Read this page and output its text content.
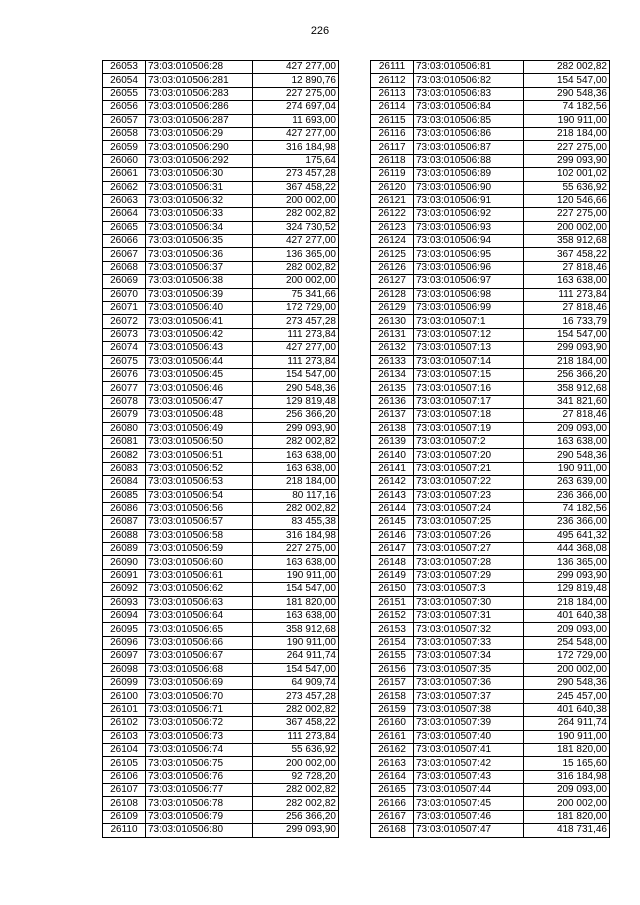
226
26053	73:03:010506:28	427 277,00
26054	73:03:010506:281	12 890,76
26055	73:03:010506:283	227 275,00
26056	73:03:010506:286	274 697,04
26057	73:03:010506:287	11 693,00
26058	73:03:010506:29	427 277,00
26059	73:03:010506:290	316 184,98
26060	73:03:010506:292	175,64
26061	73:03:010506:30	273 457,28
26062	73:03:010506:31	367 458,22
26063	73:03:010506:32	200 002,00
26064	73:03:010506:33	282 002,82
26065	73:03:010506:34	324 730,52
26066	73:03:010506:35	427 277,00
26067	73:03:010506:36	136 365,00
26068	73:03:010506:37	282 002,82
26069	73:03:010506:38	200 002,00
26070	73:03:010506:39	75 341,66
26071	73:03:010506:40	172 729,00
26072	73:03:010506:41	273 457,28
26073	73:03:010506:42	111 273,84
26074	73:03:010506:43	427 277,00
26075	73:03:010506:44	111 273,84
26076	73:03:010506:45	154 547,00
26077	73:03:010506:46	290 548,36
26078	73:03:010506:47	129 819,48
26079	73:03:010506:48	256 366,20
26080	73:03:010506:49	299 093,90
26081	73:03:010506:50	282 002,82
26082	73:03:010506:51	163 638,00
26083	73:03:010506:52	163 638,00
26084	73:03:010506:53	218 184,00
26085	73:03:010506:54	80 117,16
26086	73:03:010506:56	282 002,82
26087	73:03:010506:57	83 455,38
26088	73:03:010506:58	316 184,98
26089	73:03:010506:59	227 275,00
26090	73:03:010506:60	163 638,00
26091	73:03:010506:61	190 911,00
26092	73:03:010506:62	154 547,00
26093	73:03:010506:63	181 820,00
26094	73:03:010506:64	163 638,00
26095	73:03:010506:65	358 912,68
26096	73:03:010506:66	190 911,00
26097	73:03:010506:67	264 911,74
26098	73:03:010506:68	154 547,00
26099	73:03:010506:69	64 909,74
26100	73:03:010506:70	273 457,28
26101	73:03:010506:71	282 002,82
26102	73:03:010506:72	367 458,22
26103	73:03:010506:73	111 273,84
26104	73:03:010506:74	55 636,92
26105	73:03:010506:75	200 002,00
26106	73:03:010506:76	92 728,20
26107	73:03:010506:77	282 002,82
26108	73:03:010506:78	282 002,82
26109	73:03:010506:79	256 366,20
26110	73:03:010506:80	299 093,90
26111	73:03:010506:81	282 002,82
26112	73:03:010506:82	154 547,00
26113	73:03:010506:83	290 548,36
26114	73:03:010506:84	74 182,56
26115	73:03:010506:85	190 911,00
26116	73:03:010506:86	218 184,00
26117	73:03:010506:87	227 275,00
26118	73:03:010506:88	299 093,90
26119	73:03:010506:89	102 001,02
26120	73:03:010506:90	55 636,92
26121	73:03:010506:91	120 546,66
26122	73:03:010506:92	227 275,00
26123	73:03:010506:93	200 002,00
26124	73:03:010506:94	358 912,68
26125	73:03:010506:95	367 458,22
26126	73:03:010506:96	27 818,46
26127	73:03:010506:97	163 638,00
26128	73:03:010506:98	111 273,84
26129	73:03:010506:99	27 818,46
26130	73:03:010507:1	16 733,79
26131	73:03:010507:12	154 547,00
26132	73:03:010507:13	299 093,90
26133	73:03:010507:14	218 184,00
26134	73:03:010507:15	256 366,20
26135	73:03:010507:16	358 912,68
26136	73:03:010507:17	341 821,60
26137	73:03:010507:18	27 818,46
26138	73:03:010507:19	209 093,00
26139	73:03:010507:2	163 638,00
26140	73:03:010507:20	290 548,36
26141	73:03:010507:21	190 911,00
26142	73:03:010507:22	263 639,00
26143	73:03:010507:23	236 366,00
26144	73:03:010507:24	74 182,56
26145	73:03:010507:25	236 366,00
26146	73:03:010507:26	495 641,32
26147	73:03:010507:27	444 368,08
26148	73:03:010507:28	136 365,00
26149	73:03:010507:29	299 093,90
26150	73:03:010507:3	129 819,48
26151	73:03:010507:30	218 184,00
26152	73:03:010507:31	401 640,38
26153	73:03:010507:32	209 093,00
26154	73:03:010507:33	254 548,00
26155	73:03:010507:34	172 729,00
26156	73:03:010507:35	200 002,00
26157	73:03:010507:36	290 548,36
26158	73:03:010507:37	245 457,00
26159	73:03:010507:38	401 640,38
26160	73:03:010507:39	264 911,74
26161	73:03:010507:40	190 911,00
26162	73:03:010507:41	181 820,00
26163	73:03:010507:42	15 165,60
26164	73:03:010507:43	316 184,98
26165	73:03:010507:44	209 093,00
26166	73:03:010507:45	200 002,00
26167	73:03:010507:46	181 820,00
26168	73:03:010507:47	418 731,46
